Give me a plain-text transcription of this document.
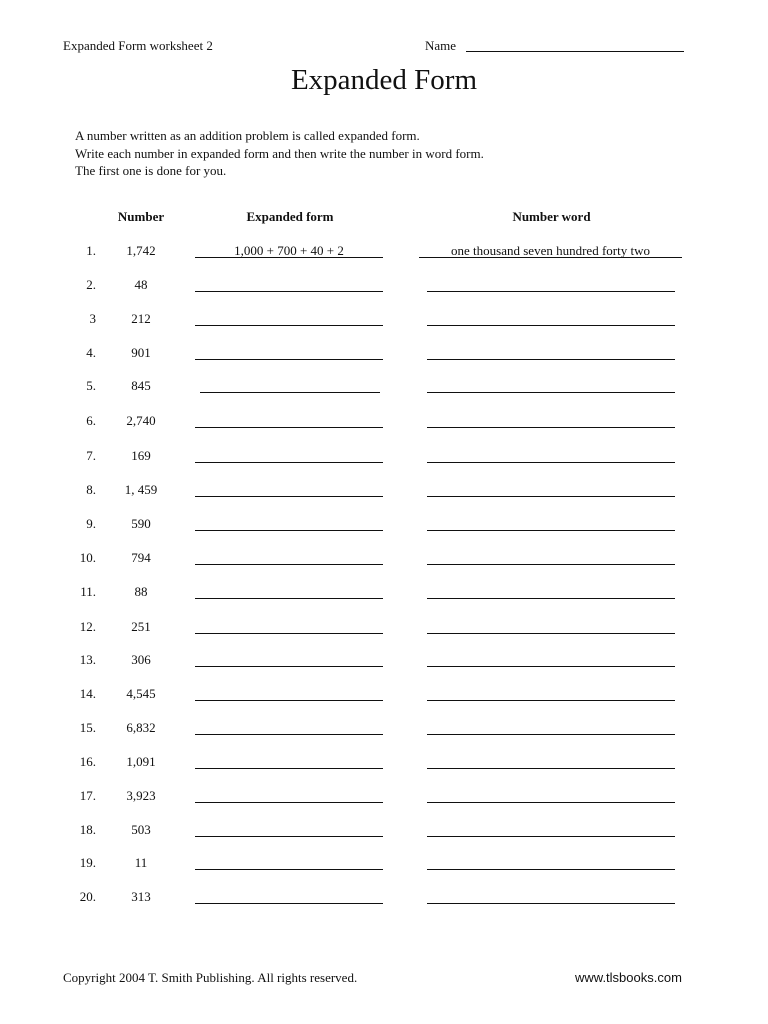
Expanded Form worksheet 2	Name
Expanded Form
A number written as an addition problem is called expanded form.
Write each number in expanded form and then write the number in word form.
The first one is done for you.
Number	Expanded form	Number word
1.	1,742	1,000 + 700 + 40 + 2	one thousand seven hundred forty two
2.	48
3	212
4.	901
5.	845
6.	2,740
7.	169
8.	1, 459
9.	590
10.	794
11.	88
12.	251
13.	306
14.	4,545
15.	6,832
16.	1,091
17.	3,923
18.	503
19.	11
20.	313
Copyright 2004 T. Smith Publishing. All rights reserved.	www.tlsbooks.com
